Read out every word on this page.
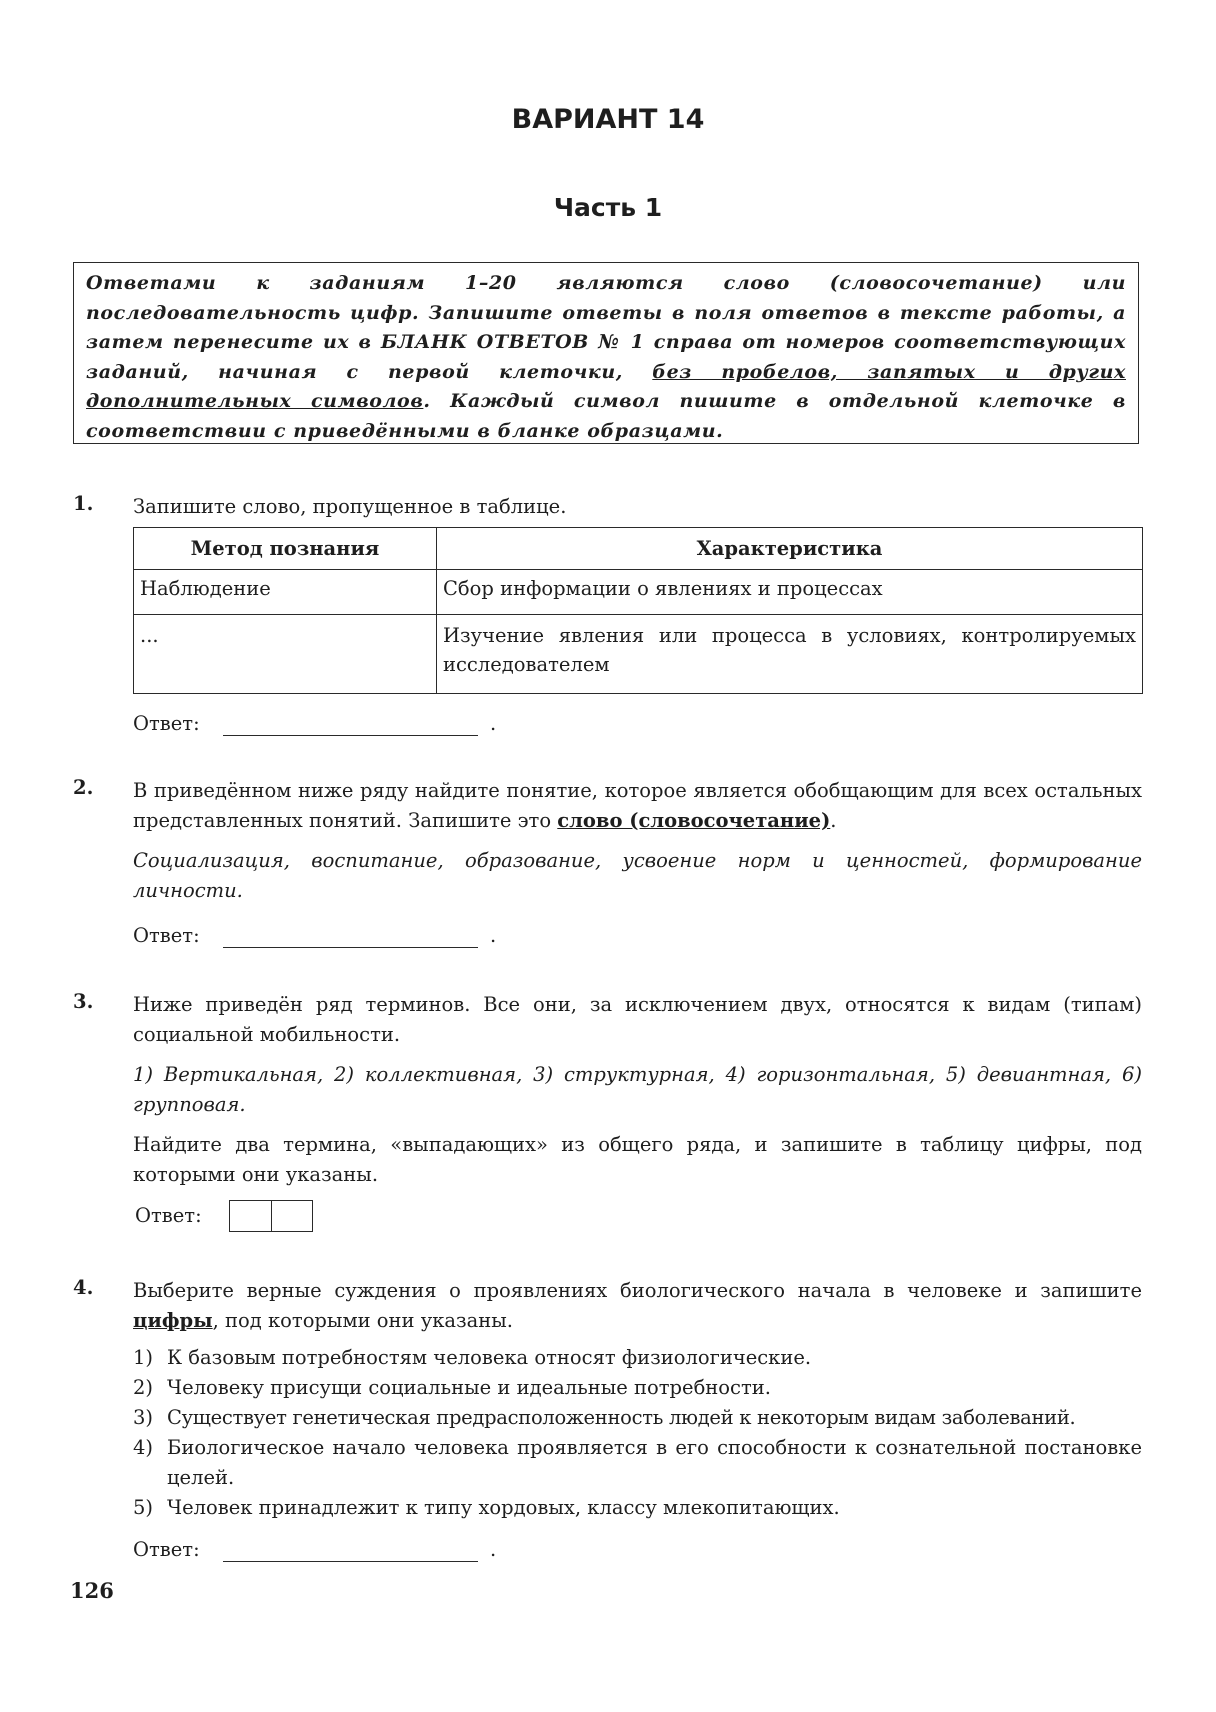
ВАРИАНТ 14
Часть 1
Ответами к заданиям 1–20 являются слово (словосочетание) или последовательность цифр. Запишите ответы в поля ответов в тексте работы, а затем перенесите их в БЛАНК ОТВЕТОВ № 1 справа от номеров соответствующих заданий, начиная с первой клеточки, без пробелов, запятых и других дополнительных символов. Каждый символ пишите в отдельной клеточке в соответствии с приведёнными в бланке образцами.
1. Запишите слово, пропущенное в таблице.
Метод познания	Характеристика
Наблюдение	Сбор информации о явлениях и процессах
...	Изучение явления или процесса в условиях, контролируемых исследователем
Ответ:	.
2. В приведённом ниже ряду найдите понятие, которое является обобщающим для всех остальных представленных понятий. Запишите это слово (словосочетание).
Социализация, воспитание, образование, усвоение норм и ценностей, формирование личности.
Ответ:	.
3. Ниже приведён ряд терминов. Все они, за исключением двух, относятся к видам (типам) социальной мобильности.
1) Вертикальная, 2) коллективная, 3) структурная, 4) горизонтальная, 5) девиантная, 6) групповая.
Найдите два термина, «выпадающих» из общего ряда, и запишите в таблицу цифры, под которыми они указаны.
Ответ:
4. Выберите верные суждения о проявлениях биологического начала в человеке и запишите цифры, под которыми они указаны.
1) К базовым потребностям человека относят физиологические.
2) Человеку присущи социальные и идеальные потребности.
3) Существует генетическая предрасположенность людей к некоторым видам заболеваний.
4) Биологическое начало человека проявляется в его способности к сознательной постановке целей.
5) Человек принадлежит к типу хордовых, классу млекопитающих.
Ответ:	.
126
